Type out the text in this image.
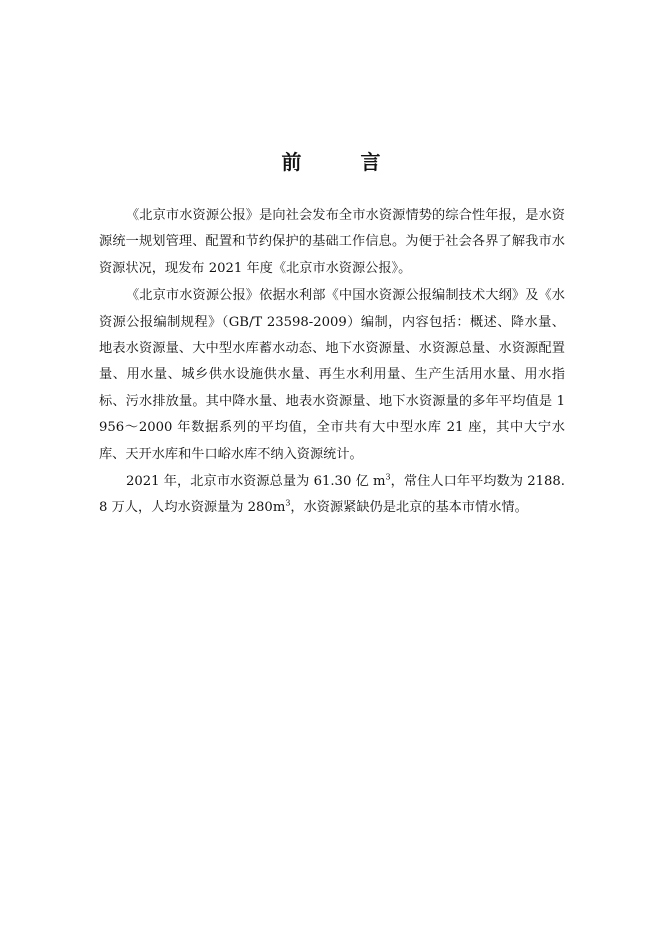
前 言

《北京市水资源公报》是向社会发布全市水资源情势的综合性年报，是水资源统一规划管理、配置和节约保护的基础工作信息。为便于社会各界了解我市水资源状况，现发布 2021 年度《北京市水资源公报》。

《北京市水资源公报》依据水利部《中国水资源公报编制技术大纲》及《水资源公报编制规程》（GB/T 23598-2009）编制，内容包括：概述、降水量、地表水资源量、大中型水库蓄水动态、地下水资源量、水资源总量、水资源配置量、用水量、城乡供水设施供水量、再生水利用量、生产生活用水量、用水指标、污水排放量。其中降水量、地表水资源量、地下水资源量的多年平均值是 1956～2000 年数据系列的平均值，全市共有大中型水库 21 座，其中大宁水库、天开水库和牛口峪水库不纳入资源统计。

2021 年，北京市水资源总量为 61.30 亿 $m^3$，常住人口年平均数为 2188.8 万人，人均水资源量为 $280m^3$，水资源紧缺仍是北京的基本市情水情。
